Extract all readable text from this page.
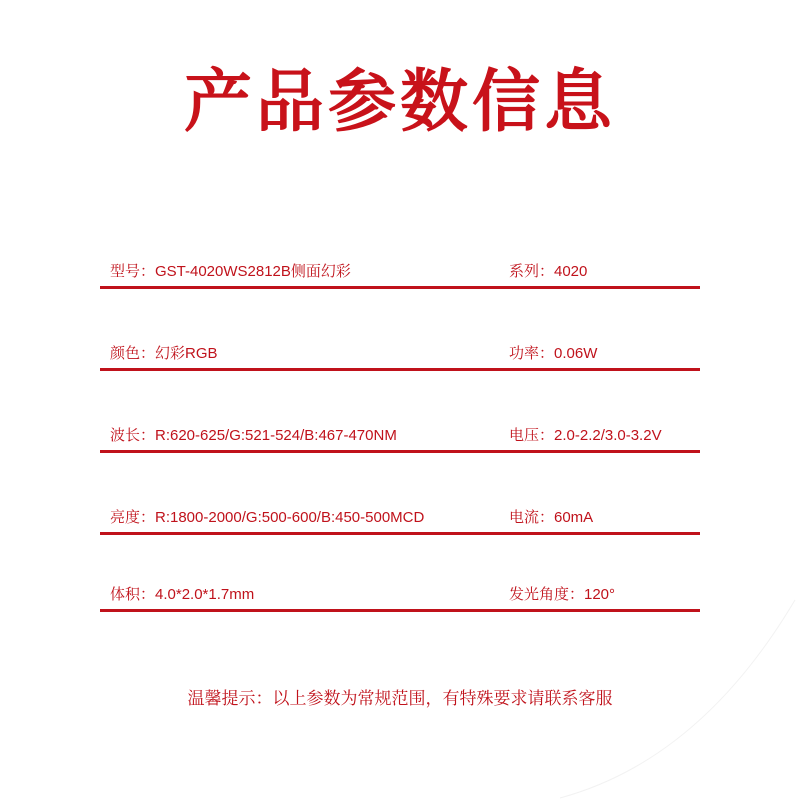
产品参数信息
型号：GST-4020WS2812B侧面幻彩	系列：4020
颜色：幻彩RGB	功率：0.06W
波长：R:620-625/G:521-524/B:467-470NM	电压：2.0-2.2/3.0-3.2V
亮度：R:1800-2000/G:500-600/B:450-500MCD	电流：60mA
体积：4.0*2.0*1.7mm	发光角度：120°
温馨提示：以上参数为常规范围，有特殊要求请联系客服
